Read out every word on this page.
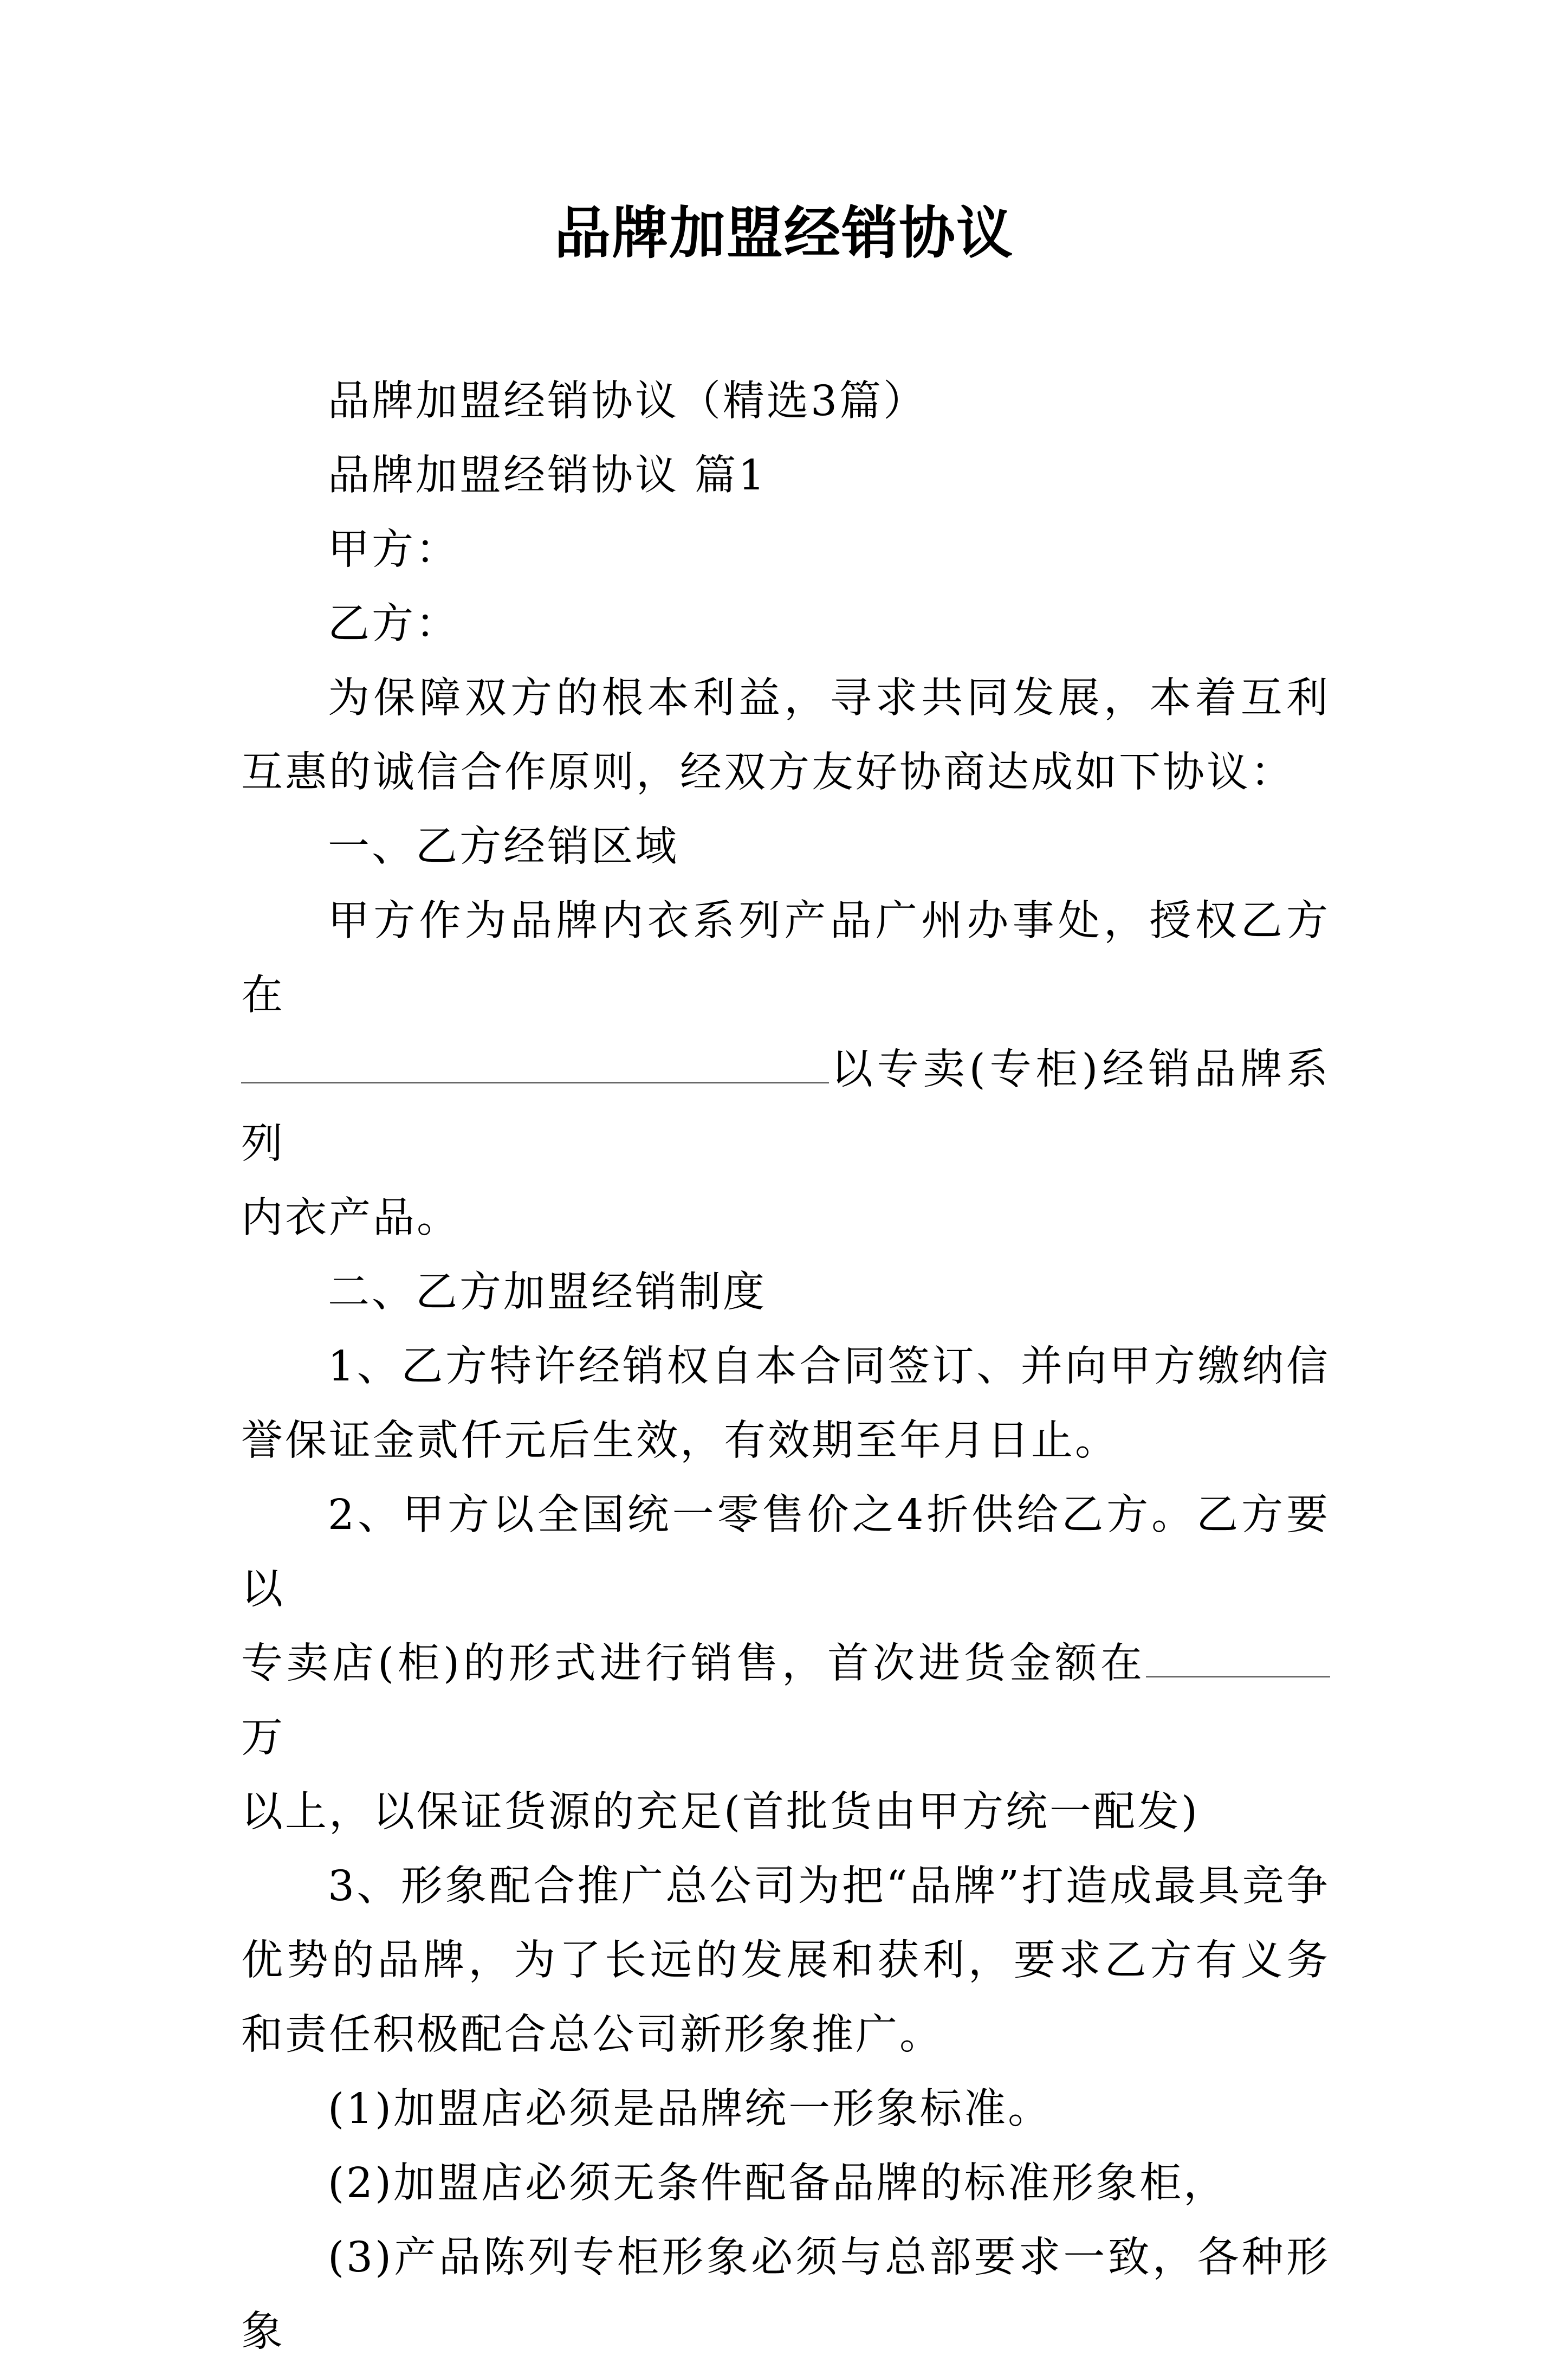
品牌加盟经销协议

品牌加盟经销协议（精选3篇）

品牌加盟经销协议 篇1

甲方：

乙方：

为保障双方的根本利益，寻求共同发展，本着互利互惠的诚信合作原则，经双方友好协商达成如下协议：

一、乙方经销区域

甲方作为品牌内衣系列产品广州办事处，授权乙方在
以专卖(专柜)经销品牌系列
内衣产品。

二、乙方加盟经销制度

1、乙方特许经销权自本合同签订、并向甲方缴纳信誉保证金贰仟元后生效，有效期至年月日止。

2、甲方以全国统一零售价之4折供给乙方。乙方要以
专卖店(柜)的形式进行销售，首次进货金额在万
以上，以保证货源的充足(首批货由甲方统一配发)

3、形象配合推广总公司为把“品牌”打造成最具竞争优势的品牌，为了长远的发展和获利，要求乙方有义务和责任积极配合总公司新形象推广。

(1)加盟店必须是品牌统一形象标准。

(2)加盟店必须无条件配备品牌的标准形象柜，

(3)产品陈列专柜形象必须与总部要求一致，各种形象
